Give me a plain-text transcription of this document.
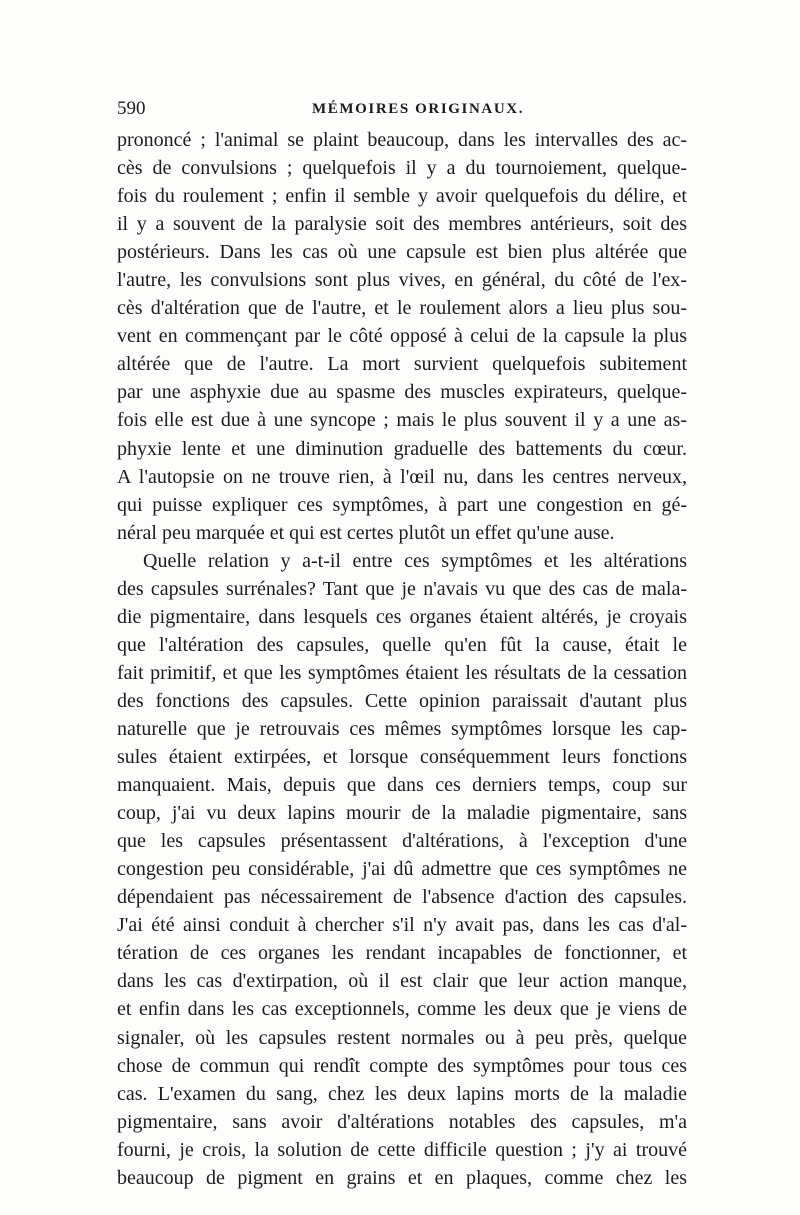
590	MÉMOIRES ORIGINAUX.
prononcé ; l'animal se plaint beaucoup, dans les intervalles des ac-
cès de convulsions ; quelquefois il y a du tournoiement, quelque-
fois du roulement ; enfin il semble y avoir quelquefois du délire, et
il y a souvent de la paralysie soit des membres antérieurs, soit des
postérieurs. Dans les cas où une capsule est bien plus altérée que
l'autre, les convulsions sont plus vives, en général, du côté de l'ex-
cès d'altération que de l'autre, et le roulement alors a lieu plus sou-
vent en commençant par le côté opposé à celui de la capsule la plus
altérée que de l'autre. La mort survient quelquefois subitement
par une asphyxie due au spasme des muscles expirateurs, quelque-
fois elle est due à une syncope ; mais le plus souvent il y a une as-
phyxie lente et une diminution graduelle des battements du cœur.
A l'autopsie on ne trouve rien, à l'œil nu, dans les centres nerveux,
qui puisse expliquer ces symptômes, à part une congestion en gé-
néral peu marquée et qui est certes plutôt un effet qu'une ause.
Quelle relation y a-t-il entre ces symptômes et les altérations
des capsules surrénales? Tant que je n'avais vu que des cas de mala-
die pigmentaire, dans lesquels ces organes étaient altérés, je croyais
que l'altération des capsules, quelle qu'en fût la cause, était le
fait primitif, et que les symptômes étaient les résultats de la cessation
des fonctions des capsules. Cette opinion paraissait d'autant plus
naturelle que je retrouvais ces mêmes symptômes lorsque les cap-
sules étaient extirpées, et lorsque conséquemment leurs fonctions
manquaient. Mais, depuis que dans ces derniers temps, coup sur
coup, j'ai vu deux lapins mourir de la maladie pigmentaire, sans
que les capsules présentassent d'altérations, à l'exception d'une
congestion peu considérable, j'ai dû admettre que ces symptômes ne
dépendaient pas nécessairement de l'absence d'action des capsules.
J'ai été ainsi conduit à chercher s'il n'y avait pas, dans les cas d'al-
tération de ces organes les rendant incapables de fonctionner, et
dans les cas d'extirpation, où il est clair que leur action manque,
et enfin dans les cas exceptionnels, comme les deux que je viens de
signaler, où les capsules restent normales ou à peu près, quelque
chose de commun qui rendît compte des symptômes pour tous ces
cas. L'examen du sang, chez les deux lapins morts de la maladie
pigmentaire, sans avoir d'altérations notables des capsules, m'a
fourni, je crois, la solution de cette difficile question ; j'y ai trouvé
beaucoup de pigment en grains et en plaques, comme chez les
